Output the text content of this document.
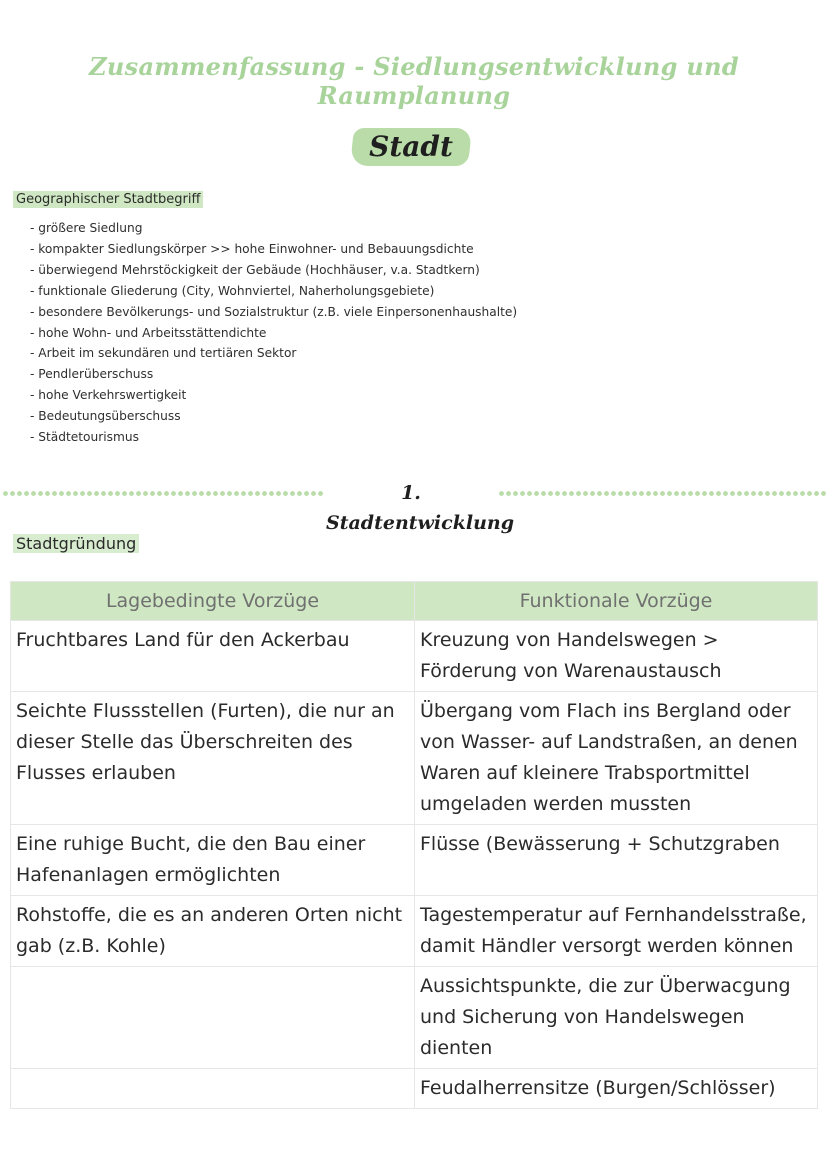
Zusammenfassung - Siedlungsentwicklung und Raumplanung
Stadt
Geographischer Stadtbegriff
- größere Siedlung
- kompakter Siedlungskörper >> hohe Einwohner- und Bebauungsdichte
- überwiegend Mehrstöckigkeit der Gebäude (Hochhäuser, v.a. Stadtkern)
- funktionale Gliederung (City, Wohnviertel, Naherholungsgebiete)
- besondere Bevölkerungs- und Sozialstruktur (z.B. viele Einpersonenhaushalte)
- hohe Wohn- und Arbeitsstättendichte
- Arbeit im sekundären und tertiären Sektor
- Pendlerüberschuss
- hohe Verkehrswertigkeit
- Bedeutungsüberschuss
- Städtetourismus
1. Stadtentwicklung
Stadtgründung
Lagebedingte Vorzüge	Funktionale Vorzüge
Fruchtbares Land für den Ackerbau	Kreuzung von Handelswegen > Förderung von Warenaustausch
Seichte Flussstellen (Furten), die nur an dieser Stelle das Überschreiten des Flusses erlauben	Übergang vom Flach ins Bergland oder von Wasser- auf Landstraßen, an denen Waren auf kleinere Trabsportmittel umgeladen werden mussten
Eine ruhige Bucht, die den Bau einer Hafenanlagen ermöglichten	Flüsse (Bewässerung + Schutzgraben
Rohstoffe, die es an anderen Orten nicht gab (z.B. Kohle)	Tagestemperatur auf Fernhandelsstraße, damit Händler versorgt werden können
	Aussichtspunkte, die zur Überwacgung und Sicherung von Handelswegen dienten
	Feudalherrensitze (Burgen/Schlösser)
